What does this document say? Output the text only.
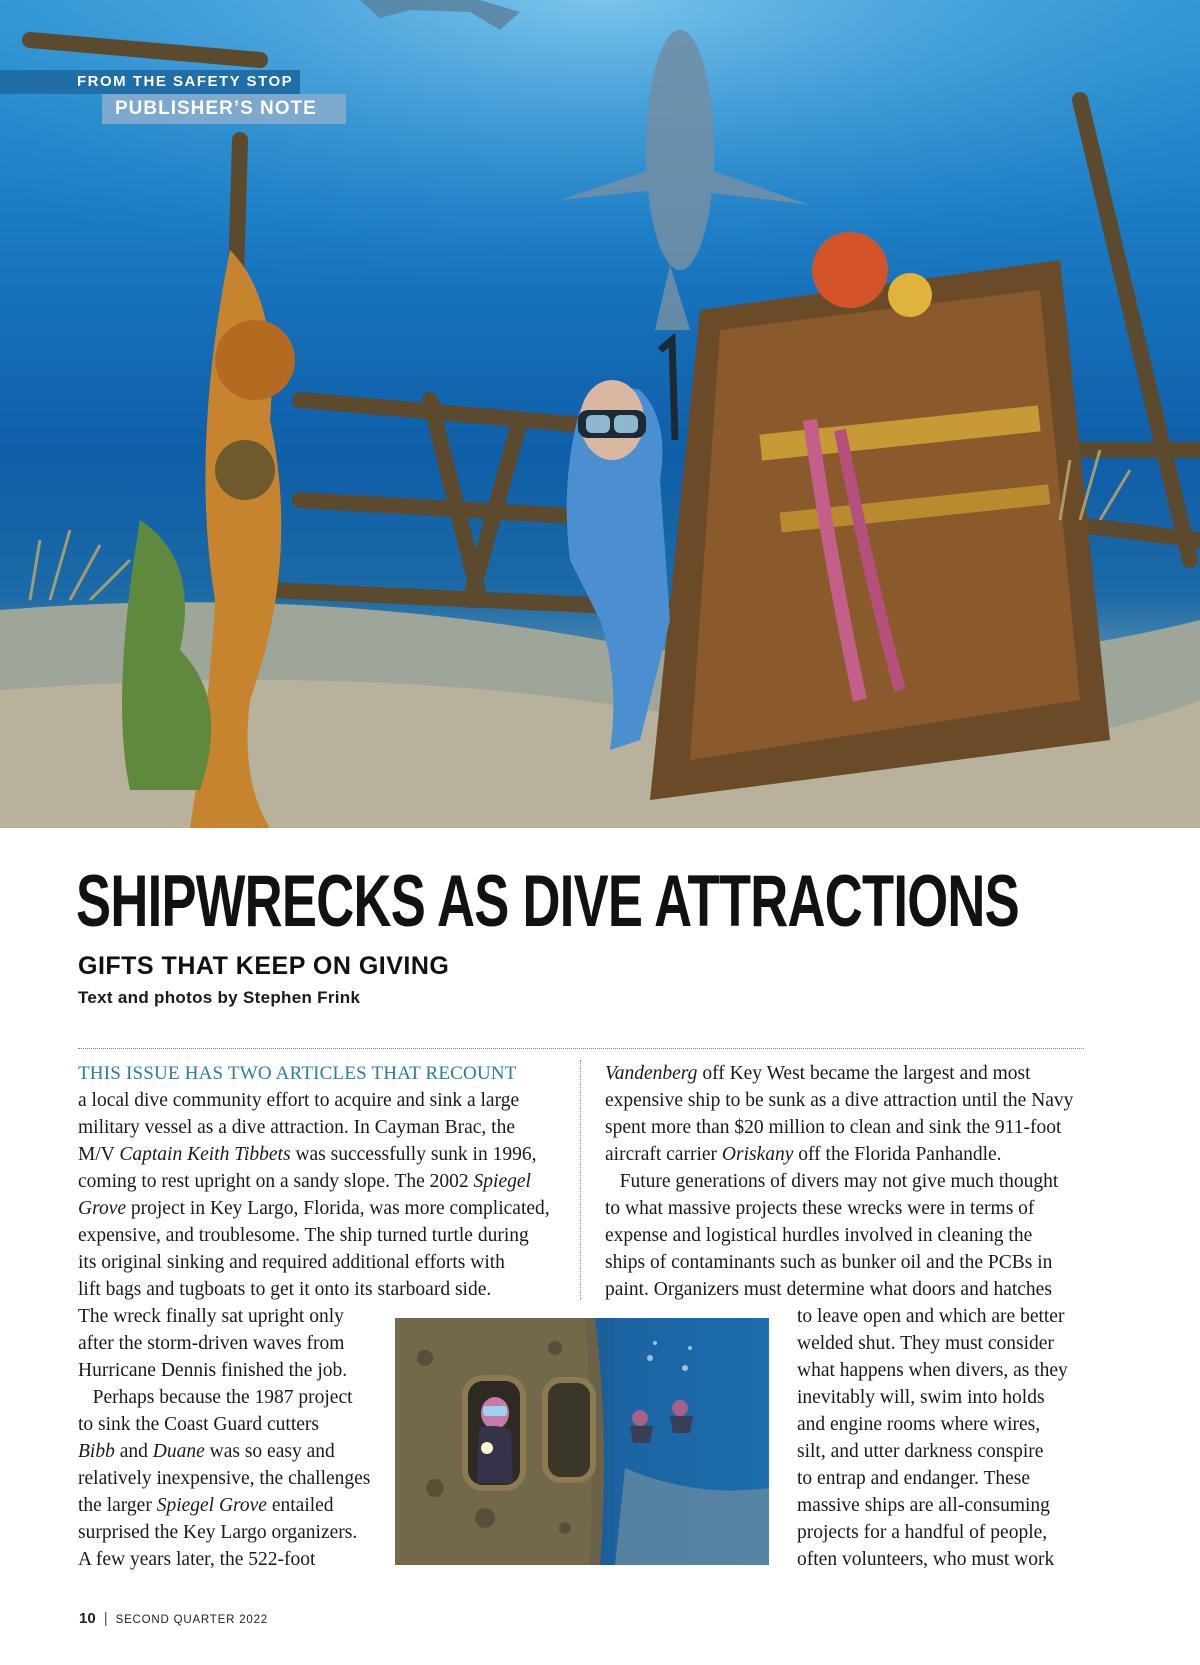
FROM THE SAFETY STOP
PUBLISHER’S NOTE
SHIPWRECKS AS DIVE ATTRACTIONS
GIFTS THAT KEEP ON GIVING
Text and photos by Stephen Frink
THIS ISSUE HAS TWO ARTICLES THAT RECOUNT
a local dive community effort to acquire and sink a large
military vessel as a dive attraction. In Cayman Brac, the
M/V Captain Keith Tibbets was successfully sunk in 1996,
coming to rest upright on a sandy slope. The 2002 Spiegel
Grove project in Key Largo, Florida, was more complicated,
expensive, and troublesome. The ship turned turtle during
its original sinking and required additional efforts with
lift bags and tugboats to get it onto its starboard side.
The wreck finally sat upright only
after the storm-driven waves from
Hurricane Dennis finished the job.
Perhaps because the 1987 project
to sink the Coast Guard cutters
Bibb and Duane was so easy and
relatively inexpensive, the challenges
the larger Spiegel Grove entailed
surprised the Key Largo organizers.
A few years later, the 522-foot
Vandenberg off Key West became the largest and most
expensive ship to be sunk as a dive attraction until the Navy
spent more than $20 million to clean and sink the 911-foot
aircraft carrier Oriskany off the Florida Panhandle.
Future generations of divers may not give much thought
to what massive projects these wrecks were in terms of
expense and logistical hurdles involved in cleaning the
ships of contaminants such as bunker oil and the PCBs in
paint. Organizers must determine what doors and hatches
to leave open and which are better
welded shut. They must consider
what happens when divers, as they
inevitably will, swim into holds
and engine rooms where wires,
silt, and utter darkness conspire
to entrap and endanger. These
massive ships are all-consuming
projects for a handful of people,
often volunteers, who must work
10 | SECOND QUARTER 2022
